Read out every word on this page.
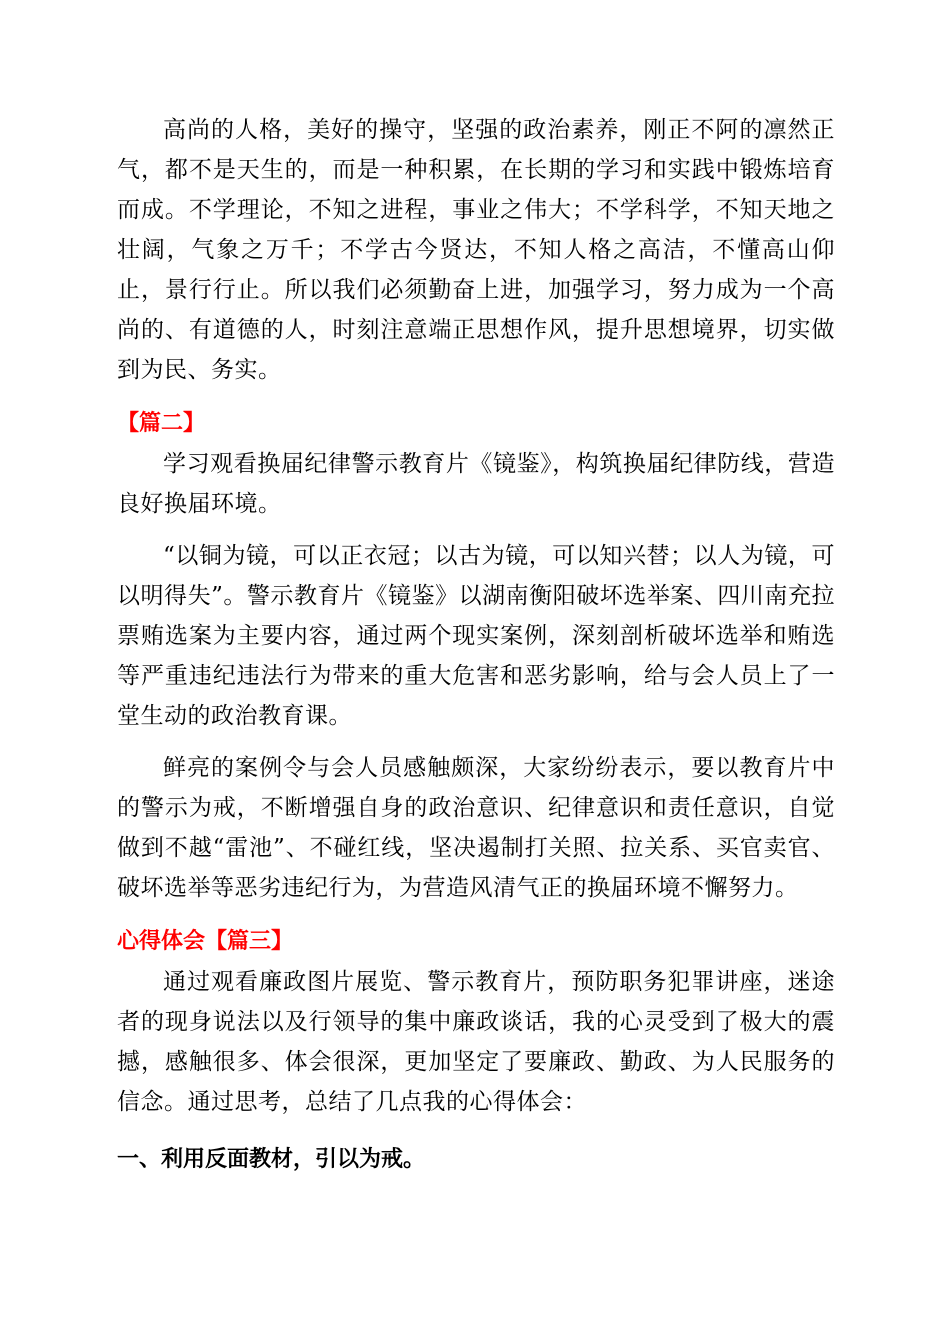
高尚的人格，美好的操守，坚强的政治素养，刚正不阿的凛然正气，都不是天生的，而是一种积累，在长期的学习和实践中锻炼培育而成。不学理论，不知之进程，事业之伟大；不学科学，不知天地之壮阔，气象之万千；不学古今贤达，不知人格之高洁，不懂高山仰止，景行行止。所以我们必须勤奋上进，加强学习，努力成为一个高尚的、有道德的人，时刻注意端正思想作风，提升思想境界，切实做到为民、务实。

【篇二】

学习观看换届纪律警示教育片《镜鉴》，构筑换届纪律防线，营造良好换届环境。

“以铜为镜，可以正衣冠；以古为镜，可以知兴替；以人为镜，可以明得失”。警示教育片《镜鉴》以湖南衡阳破坏选举案、四川南充拉票贿选案为主要内容，通过两个现实案例，深刻剖析破坏选举和贿选等严重违纪违法行为带来的重大危害和恶劣影响，给与会人员上了一堂生动的政治教育课。

鲜亮的案例令与会人员感触颇深，大家纷纷表示，要以教育片中的警示为戒，不断增强自身的政治意识、纪律意识和责任意识，自觉做到不越“雷池”、不碰红线，坚决遏制打关照、拉关系、买官卖官、破坏选举等恶劣违纪行为，为营造风清气正的换届环境不懈努力。

心得体会【篇三】

通过观看廉政图片展览、警示教育片，预防职务犯罪讲座，迷途者的现身说法以及行领导的集中廉政谈话，我的心灵受到了极大的震撼，感触很多、体会很深，更加坚定了要廉政、勤政、为人民服务的信念。通过思考，总结了几点我的心得体会：

一、利用反面教材，引以为戒。
